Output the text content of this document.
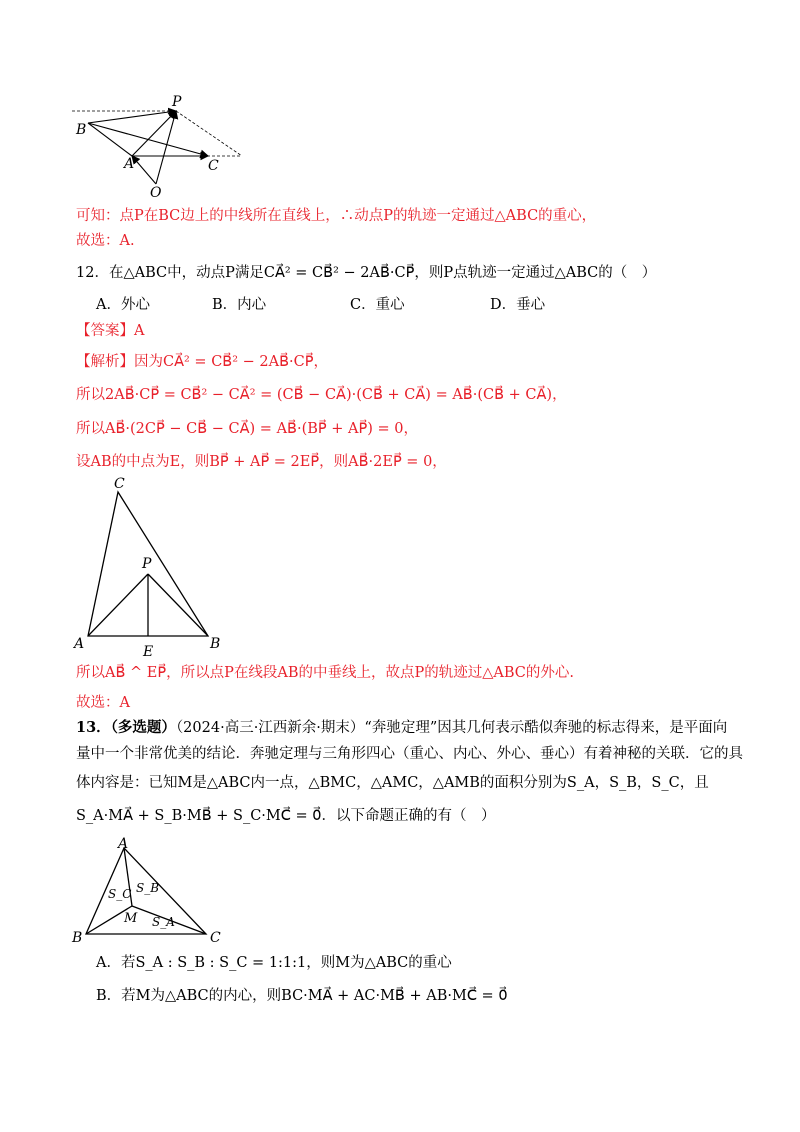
P
B
A	C
O
可知：点P在BC边上的中线所在直线上，∴动点P的轨迹一定通过△ABC的重心，
故选：A.
12．在△ABC中，动点P满足CA⃗² = CB⃗² − 2AB⃗·CP⃗，则P点轨迹一定通过△ABC的（　）
A．外心	B．内心	C．重心	D．垂心
【答案】A
【解析】因为CA⃗² = CB⃗² − 2AB⃗·CP⃗，
所以2AB⃗·CP⃗ = CB⃗² − CA⃗² = (CB⃗ − CA⃗)·(CB⃗ + CA⃗) = AB⃗·(CB⃗ + CA⃗)，
所以AB⃗·(2CP⃗ − CB⃗ − CA⃗) = AB⃗·(BP⃗ + AP⃗) = 0，
设AB的中点为E，则BP⃗ + AP⃗ = 2EP⃗，则AB⃗·2EP⃗ = 0，
C
P
A	E	B
所以AB⃗ ^ EP⃗，所以点P在线段AB的中垂线上，故点P的轨迹过△ABC的外心.
故选：A
13．（多选题）（2024·高三·江西新余·期末）“奔驰定理”因其几何表示酷似奔驰的标志得来，是平面向
量中一个非常优美的结论．奔驰定理与三角形四心（重心、内心、外心、垂心）有着神秘的关联．它的具
体内容是：已知M是△ABC内一点，△BMC，△AMC，△AMB的面积分别为S_A，S_B，S_C，且
S_A·MA⃗ + S_B·MB⃗ + S_C·MC⃗ = 0⃗．以下命题正确的有（　）
A
B	C
M
S_C S_B
S_A
A．若S_A : S_B : S_C = 1:1:1，则M为△ABC的重心
B．若M为△ABC的内心，则BC·MA⃗ + AC·MB⃗ + AB·MC⃗ = 0⃗
